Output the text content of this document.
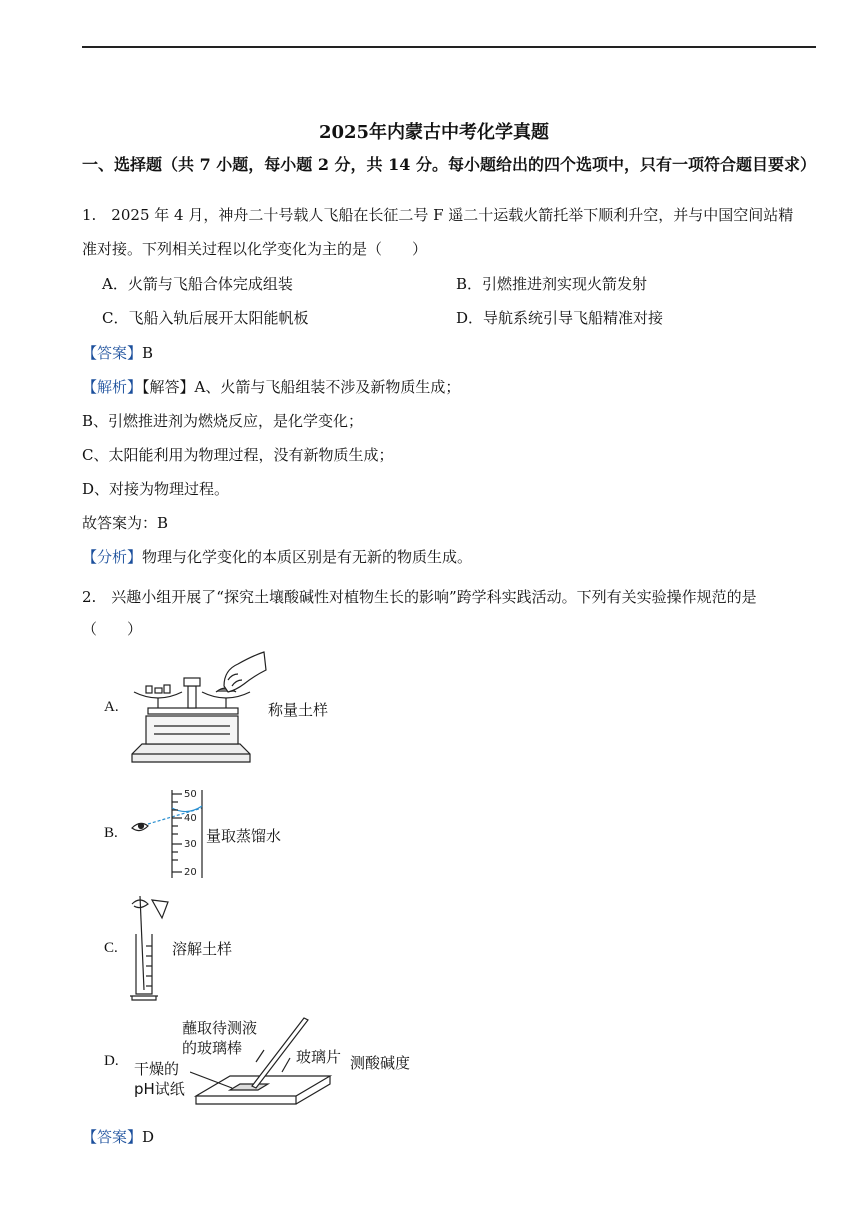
2025年内蒙古中考化学真题
一、选择题（共 7 小题，每小题 2 分，共 14 分。每小题给出的四个选项中，只有一项符合题目要求）
1.　2025 年 4 月，神舟二十号载人飞船在长征二号 F 遥二十运载火箭托举下顺利升空，并与中国空间站精
准对接。下列相关过程以化学变化为主的是（　　）
A．火箭与飞船合体完成组装	B．引燃推进剂实现火箭发射
C．飞船入轨后展开太阳能帆板	D．导航系统引导飞船精准对接
【答案】B
【解析】【解答】A、火箭与飞船组装不涉及新物质生成；
B、引燃推进剂为燃烧反应，是化学变化；
C、太阳能利用为物理过程，没有新物质生成；
D、对接为物理过程。
故答案为：B
【分析】物理与化学变化的本质区别是有无新的物质生成。
2.　兴趣小组开展了“探究土壤酸碱性对植物生长的影响”跨学科实践活动。下列有关实验操作规范的是
（　　）
A.	称量土样
B.
50
40
30
20
量取蒸馏水
C.	溶解土样
D.
蘸取待测液
的玻璃棒	玻璃片 测酸碱度
干燥的
pH试纸
【答案】D
